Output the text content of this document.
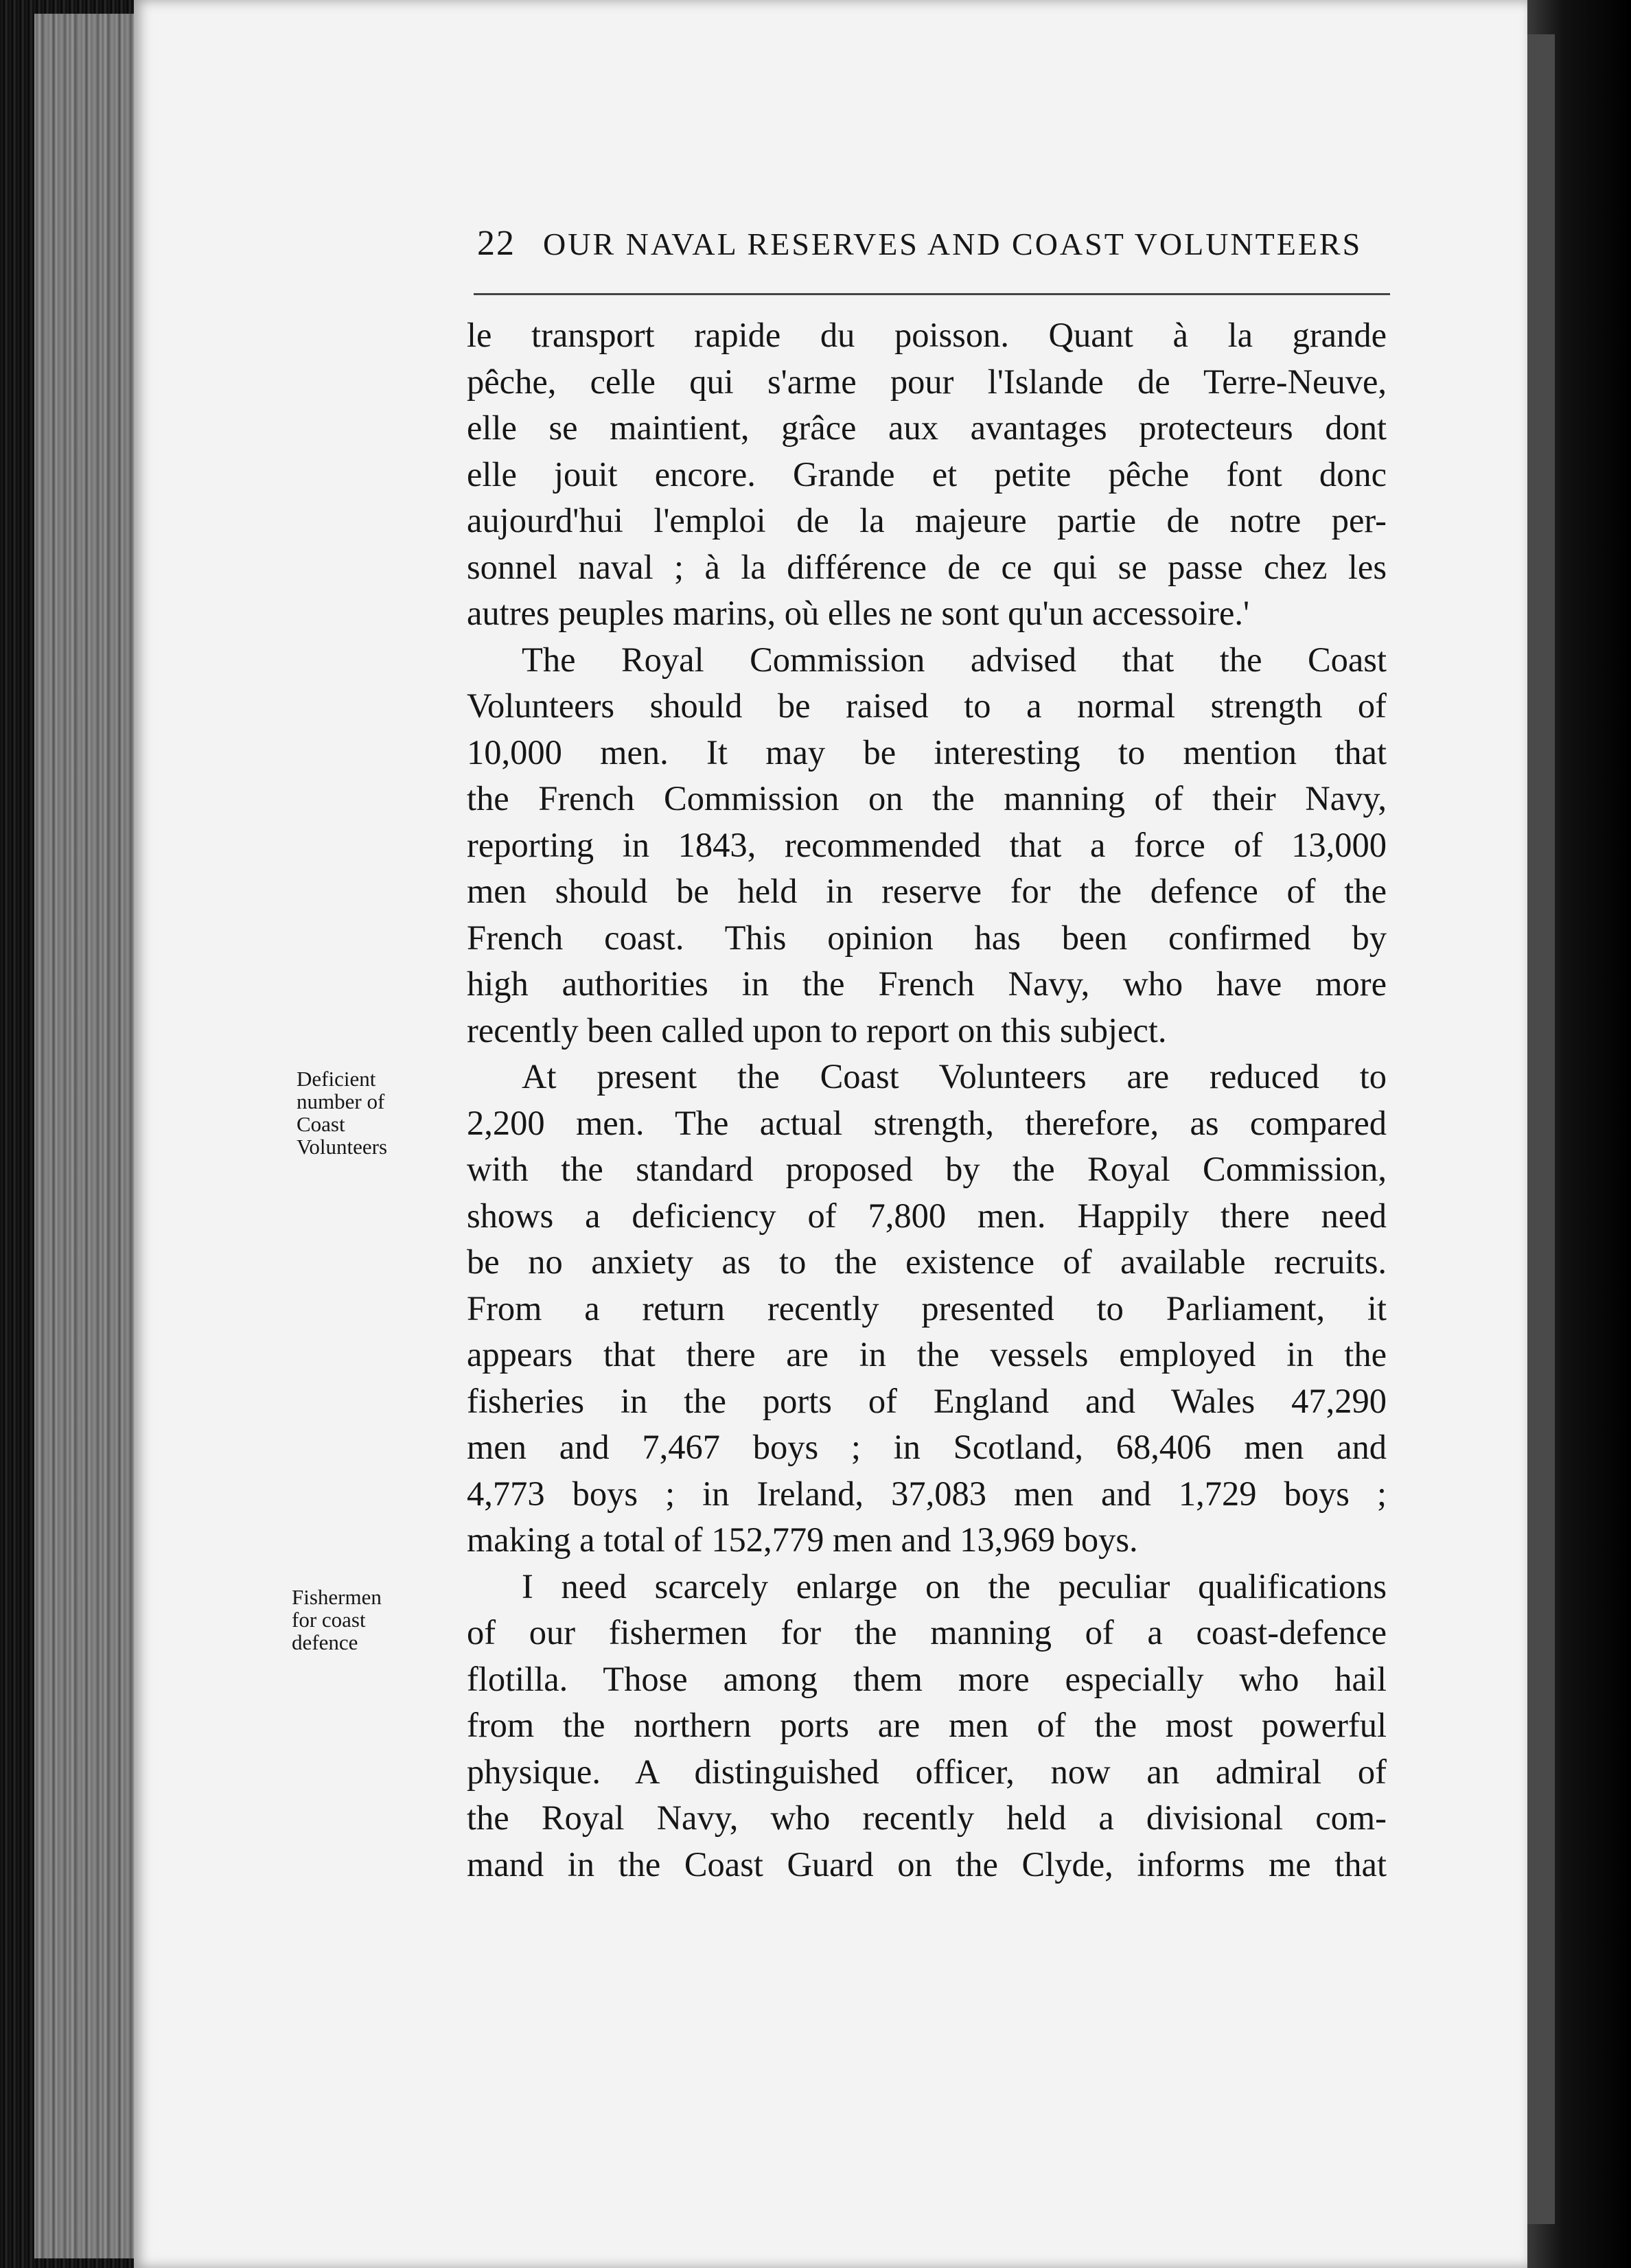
22 OUR NAVAL RESERVES AND COAST VOLUNTEERS
le transport rapide du poisson. Quant à la grande
pêche, celle qui s'arme pour l'Islande de Terre-Neuve,
elle se maintient, grâce aux avantages protecteurs dont
elle jouit encore. Grande et petite pêche font donc
aujourd'hui l'emploi de la majeure partie de notre per-
sonnel naval ; à la différence de ce qui se passe chez les
autres peuples marins, où elles ne sont qu'un accessoire.'
The Royal Commission advised that the Coast
Volunteers should be raised to a normal strength of
10,000 men. It may be interesting to mention that
the French Commission on the manning of their Navy,
reporting in 1843, recommended that a force of 13,000
men should be held in reserve for the defence of the
French coast. This opinion has been confirmed by
high authorities in the French Navy, who have more
recently been called upon to report on this subject.
At present the Coast Volunteers are reduced to
2,200 men. The actual strength, therefore, as compared
with the standard proposed by the Royal Commission,
shows a deficiency of 7,800 men. Happily there need
be no anxiety as to the existence of available recruits.
From a return recently presented to Parliament, it
appears that there are in the vessels employed in the
fisheries in the ports of England and Wales 47,290
men and 7,467 boys ; in Scotland, 68,406 men and
4,773 boys ; in Ireland, 37,083 men and 1,729 boys ;
making a total of 152,779 men and 13,969 boys.
I need scarcely enlarge on the peculiar qualifications
of our fishermen for the manning of a coast-defence
flotilla. Those among them more especially who hail
from the northern ports are men of the most powerful
physique. A distinguished officer, now an admiral of
the Royal Navy, who recently held a divisional com-
mand in the Coast Guard on the Clyde, informs me that
Deficient
number of
Coast
Volunteers
Fishermen
for coast
defence
